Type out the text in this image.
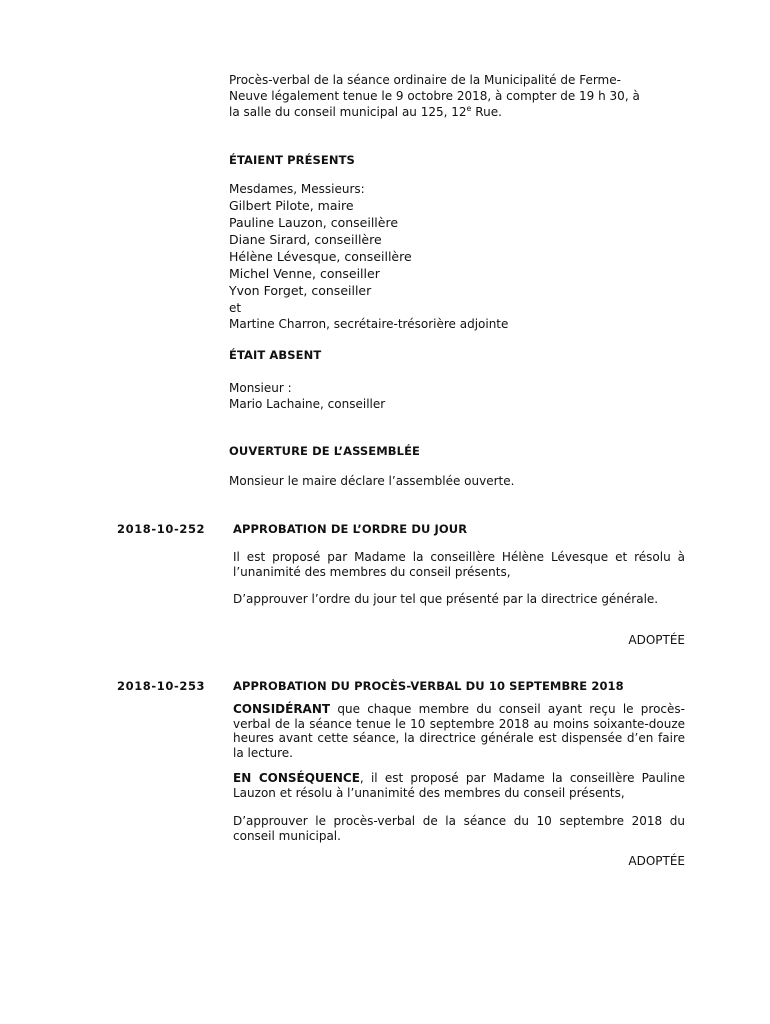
Procès-verbal de la séance ordinaire de la Municipalité de Ferme-
Neuve légalement tenue le 9 octobre 2018, à compter de 19 h 30, à
la salle du conseil municipal au 125, 12e Rue.
ÉTAIENT PRÉSENTS
Mesdames, Messieurs:
Gilbert Pilote, maire
Pauline Lauzon, conseillère
Diane Sirard, conseillère
Hélène Lévesque, conseillère
Michel Venne, conseiller
Yvon Forget, conseiller
et
Martine Charron, secrétaire-trésorière adjointe
ÉTAIT ABSENT
Monsieur :
Mario Lachaine, conseiller
OUVERTURE DE L’ASSEMBLÉE
Monsieur le maire déclare l’assemblée ouverte.
2018-10-252 APPROBATION DE L’ORDRE DU JOUR
Il est proposé par Madame la conseillère Hélène Lévesque et résolu à l’unanimité des membres du conseil présents,
D’approuver l’ordre du jour tel que présenté par la directrice générale.
ADOPTÉE
2018-10-253 APPROBATION DU PROCÈS-VERBAL DU 10 SEPTEMBRE 2018
CONSIDÉRANT que chaque membre du conseil ayant reçu le procès-verbal de la séance tenue le 10 septembre 2018 au moins soixante-douze heures avant cette séance, la directrice générale est dispensée d’en faire la lecture.
EN CONSÉQUENCE, il est proposé par Madame la conseillère Pauline Lauzon et résolu à l’unanimité des membres du conseil présents,
D’approuver le procès-verbal de la séance du 10 septembre 2018 du conseil municipal.
ADOPTÉE
